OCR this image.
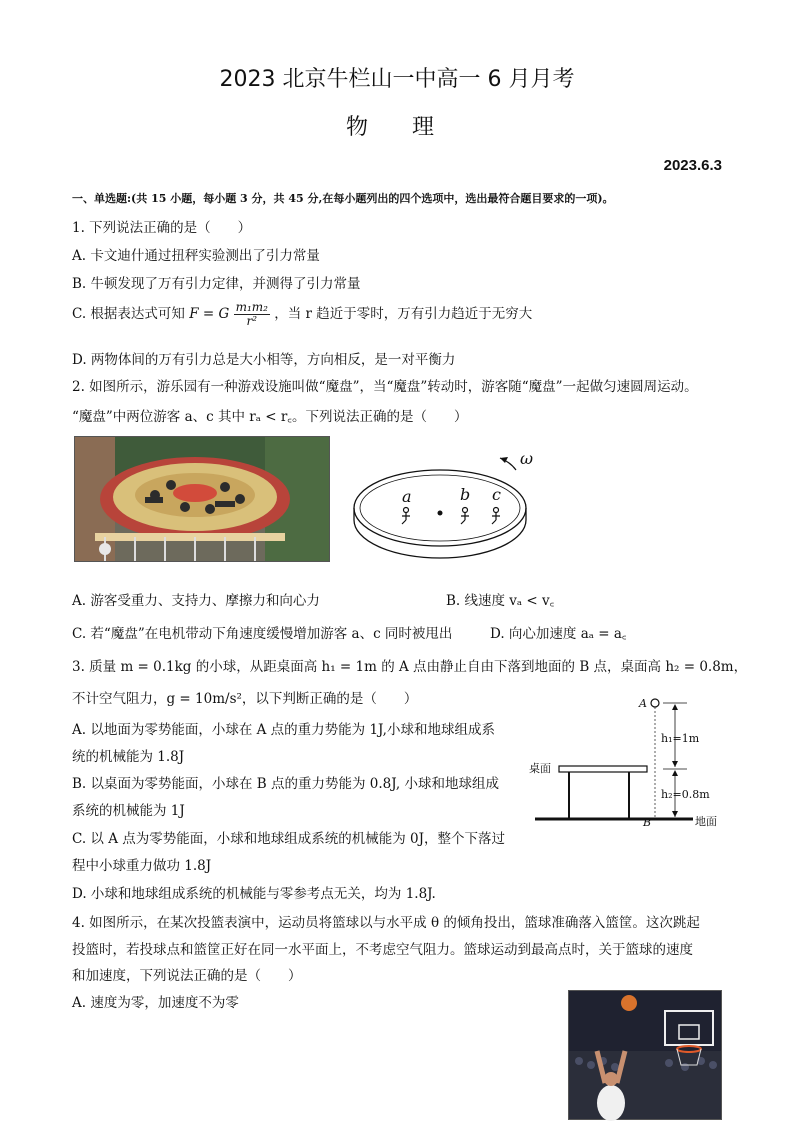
2023 北京牛栏山一中高一 6 月月考
物　　理
2023.6.3
一、单选题:(共 15 小题，每小题 3 分，共 45 分,在每小题列出的四个选项中，选出最符合题目要求的一项)。
1. 下列说法正确的是（　　）
A. 卡文迪什通过扭秤实验测出了引力常量
B. 牛顿发现了万有引力定律，并测得了引力常量
C. 根据表达式可知 F = G $\frac{\text{m₁m₂}}{\text{r²}}$ ，当 r 趋近于零时，万有引力趋近于无穷大
D. 两物体间的万有引力总是大小相等，方向相反，是一对平衡力
2. 如图所示，游乐园有一种游戏设施叫做“魔盘”，当“魔盘”转动时，游客随“魔盘”一起做匀速圆周运动。
“魔盘”中两位游客 a、c 其中 rₐ < r꜀。下列说法正确的是（　　）
ω
a	b c
A. 游客受重力、支持力、摩擦力和向心力	B. 线速度 vₐ < v꜀
C. 若“魔盘”在电机带动下角速度缓慢增加游客 a、c 同时被甩出	D. 向心加速度 aₐ = a꜀
3. 质量 m = 0.1kg 的小球，从距桌面高 h₁ = 1m 的 A 点由静止自由下落到地面的 B 点，桌面高 h₂ = 0.8m，
不计空气阻力，g = 10m/s²，以下判断正确的是（　　）
A. 以地面为零势能面，小球在 A 点的重力势能为 1J,小球和地球组成系
统的机械能为 1.8J
B. 以桌面为零势能面，小球在 B 点的重力势能为 0.8J, 小球和地球组成
系统的机械能为 1J
C. 以 A 点为零势能面，小球和地球组成系统的机械能为 0J，整个下落过
程中小球重力做功 1.8J
D. 小球和地球组成系统的机械能与零参考点无关，均为 1.8J.
A
B
h₁=1m
h₂=0.8m
桌面
地面
4. 如图所示，在某次投篮表演中，运动员将篮球以与水平成 θ 的倾角投出，篮球准确落入篮筐。这次跳起
投篮时，若投球点和篮筐正好在同一水平面上，不考虑空气阻力。篮球运动到最高点时，关于篮球的速度
和加速度，下列说法正确的是（　　）
A. 速度为零，加速度不为零
